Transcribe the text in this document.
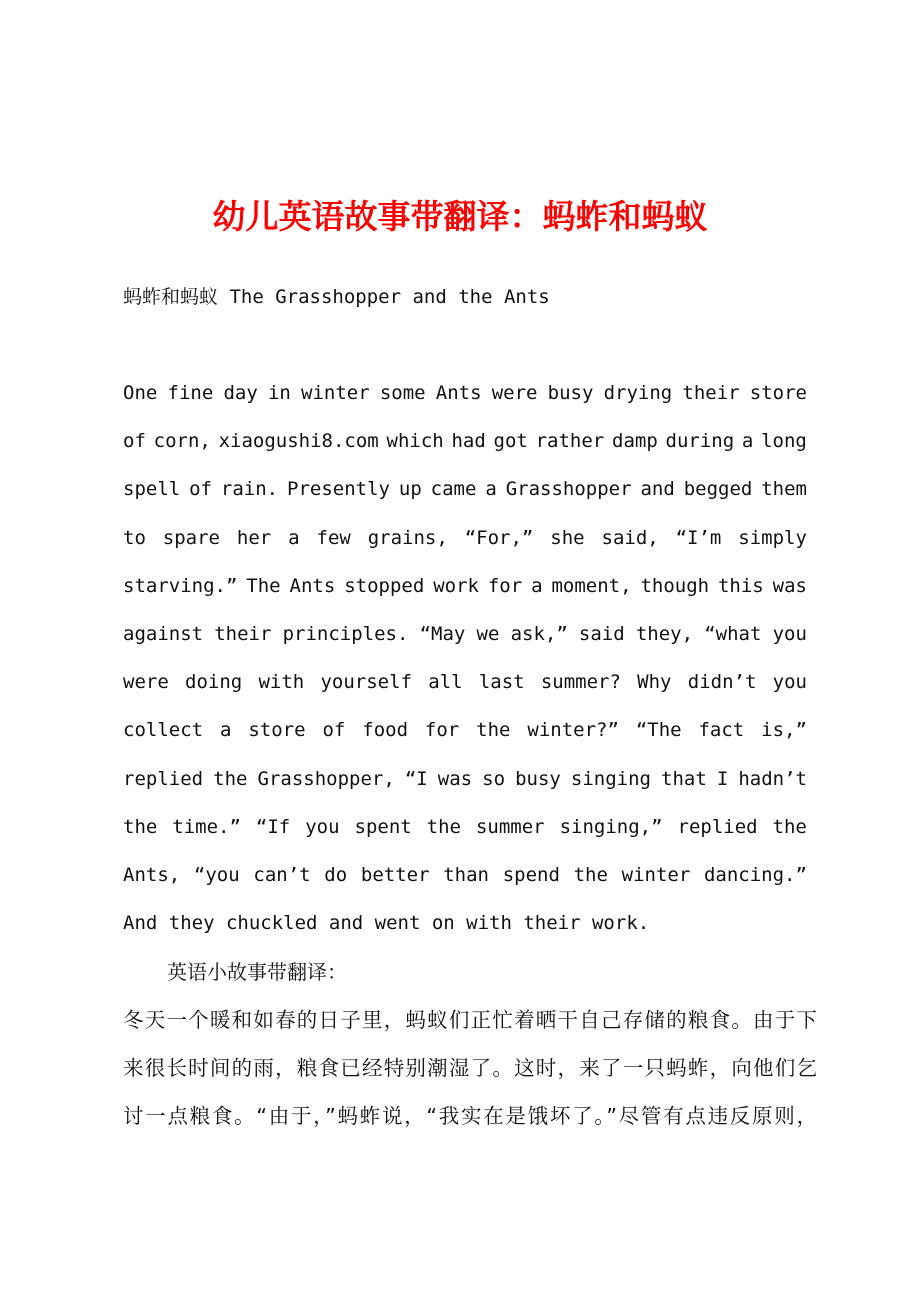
幼儿英语故事带翻译：蚂蚱和蚂蚁
蚂蚱和蚂蚁 The Grasshopper and the Ants
One fine day in winter some Ants were busy drying their store
of corn, xiaogushi8.com which had got rather damp during a long
spell of rain. Presently up came a Grasshopper and begged them
to spare her a few grains, “For,” she said, “I’m simply
starving.” The Ants stopped work for a moment, though this was
against their principles. “May we ask,” said they, “what you
were doing with yourself all last summer? Why didn’t you
collect a store of food for the winter?” “The fact is,”
replied the Grasshopper, “I was so busy singing that I hadn’t
the time.” “If you spent the summer singing,” replied the
Ants, “you can’t do better than spend the winter dancing.”
And they chuckled and went on with their work.
英语小故事带翻译：
冬天一个暖和如春的日子里，蚂蚁们正忙着晒干自己存储的粮食。由于下
来很长时间的雨，粮食已经特别潮湿了。这时，来了一只蚂蚱，向他们乞
讨一点粮食。“由于，”蚂蚱说，“我实在是饿坏了。”尽管有点违反原则，
